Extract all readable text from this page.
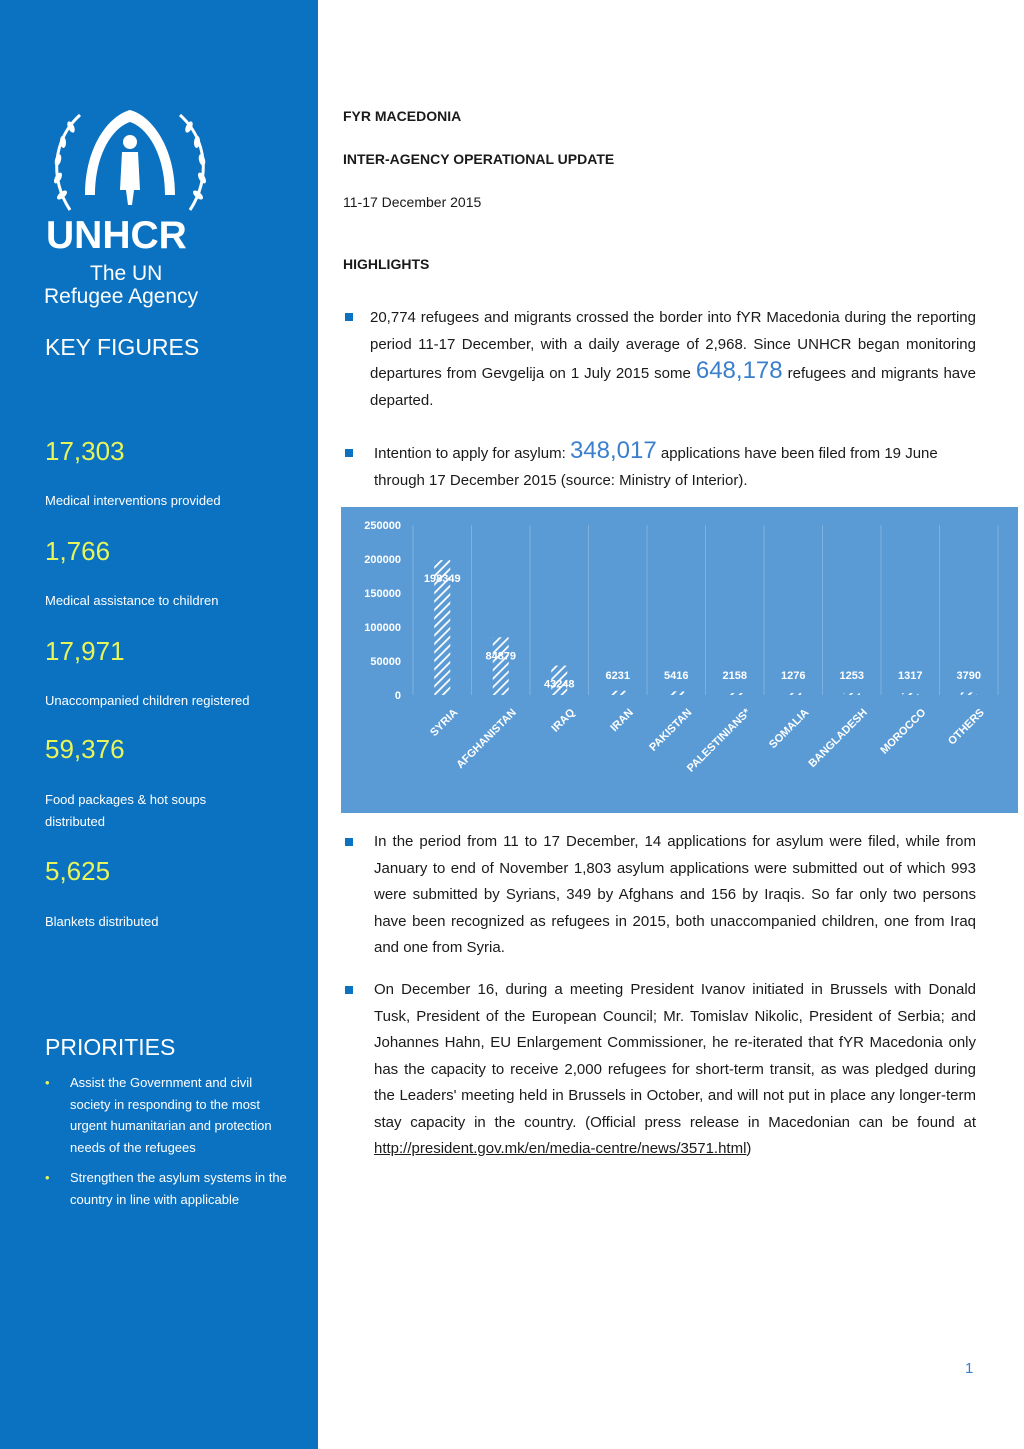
UNHCR
The UN
Refugee Agency
KEY FIGURES
17,303
Medical interventions provided
1,766
Medical assistance to children
17,971
Unaccompanied children registered
59,376
Food packages & hot soups distributed
5,625
Blankets distributed
PRIORITIES
• Assist the Government and civil society in responding to the most urgent humanitarian and protection needs of the refugees
• Strengthen the asylum systems in the country in line with applicable
FYR MACEDONIA
INTER-AGENCY OPERATIONAL UPDATE
11-17 December 2015
HIGHLIGHTS
20,774 refugees and migrants crossed the border into fYR Macedonia during the reporting period 11-17 December, with a daily average of 2,968. Since UNHCR began monitoring departures from Gevgelija on 1 July 2015 some 648,178 refugees and migrants have departed.
Intention to apply for asylum: 348,017 applications have been filed from 19 June through 17 December 2015 (source: Ministry of Interior).
0
50000
100000
150000
200000
250000
198349
84879
43248
6231	5416	2158	1276	1253	1317	3790
SYRIA
AFGHANISTAN	IRAQ	IRAN PAKISTAN
PALESTINIANS* SOMALIA
BANGLADESH MOROCCO OTHERS
In the period from 11 to 17 December, 14 applications for asylum were filed, while from January to end of November 1,803 asylum applications were submitted out of which 993 were submitted by Syrians, 349 by Afghans and 156 by Iraqis. So far only two persons have been recognized as refugees in 2015, both unaccompanied children, one from Iraq and one from Syria.
On December 16, during a meeting President Ivanov initiated in Brussels with Donald Tusk, President of the European Council; Mr. Tomislav Nikolic, President of Serbia; and Johannes Hahn, EU Enlargement Commissioner, he re-iterated that fYR Macedonia only has the capacity to receive 2,000 refugees for short-term transit, as was pledged during the Leaders' meeting held in Brussels in October, and will not put in place any longer-term stay capacity in the country. (Official press release in Macedonian can be found at http://president.gov.mk/en/media-centre/news/3571.html)
1
